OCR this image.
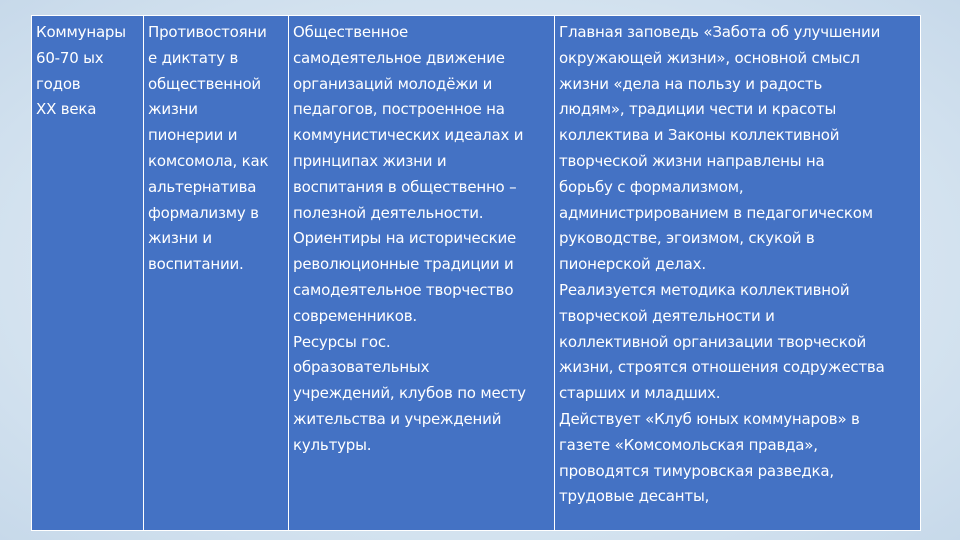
Коммунары
60-70 ых
годов
XX века
Противостояни
е диктату в
общественной
жизни
пионерии и
комсомола, как
альтернатива
формализму в
жизни и
воспитании.
Общественное
самодеятельное движение
организаций молодёжи и
педагогов, построенное на
коммунистических идеалах и
принципах жизни и
воспитания в общественно –
полезной деятельности.
Ориентиры на исторические
революционные традиции и
самодеятельное творчество
современников.
Ресурсы гос.
образовательных
учреждений, клубов по месту
жительства и учреждений
культуры.
Главная заповедь «Забота об улучшении
окружающей жизни», основной смысл
жизни «дела на пользу и радость
людям», традиции чести и красоты
коллектива и Законы коллективной
творческой жизни направлены на
борьбу с формализмом,
администрированием в педагогическом
руководстве, эгоизмом, скукой в
пионерской делах.
Реализуется методика коллективной
творческой деятельности и
коллективной организации творческой
жизни, строятся отношения содружества
старших и младших.
Действует «Клуб юных коммунаров» в
газете «Комсомольская правда»,
проводятся тимуровская разведка,
трудовые десанты,
